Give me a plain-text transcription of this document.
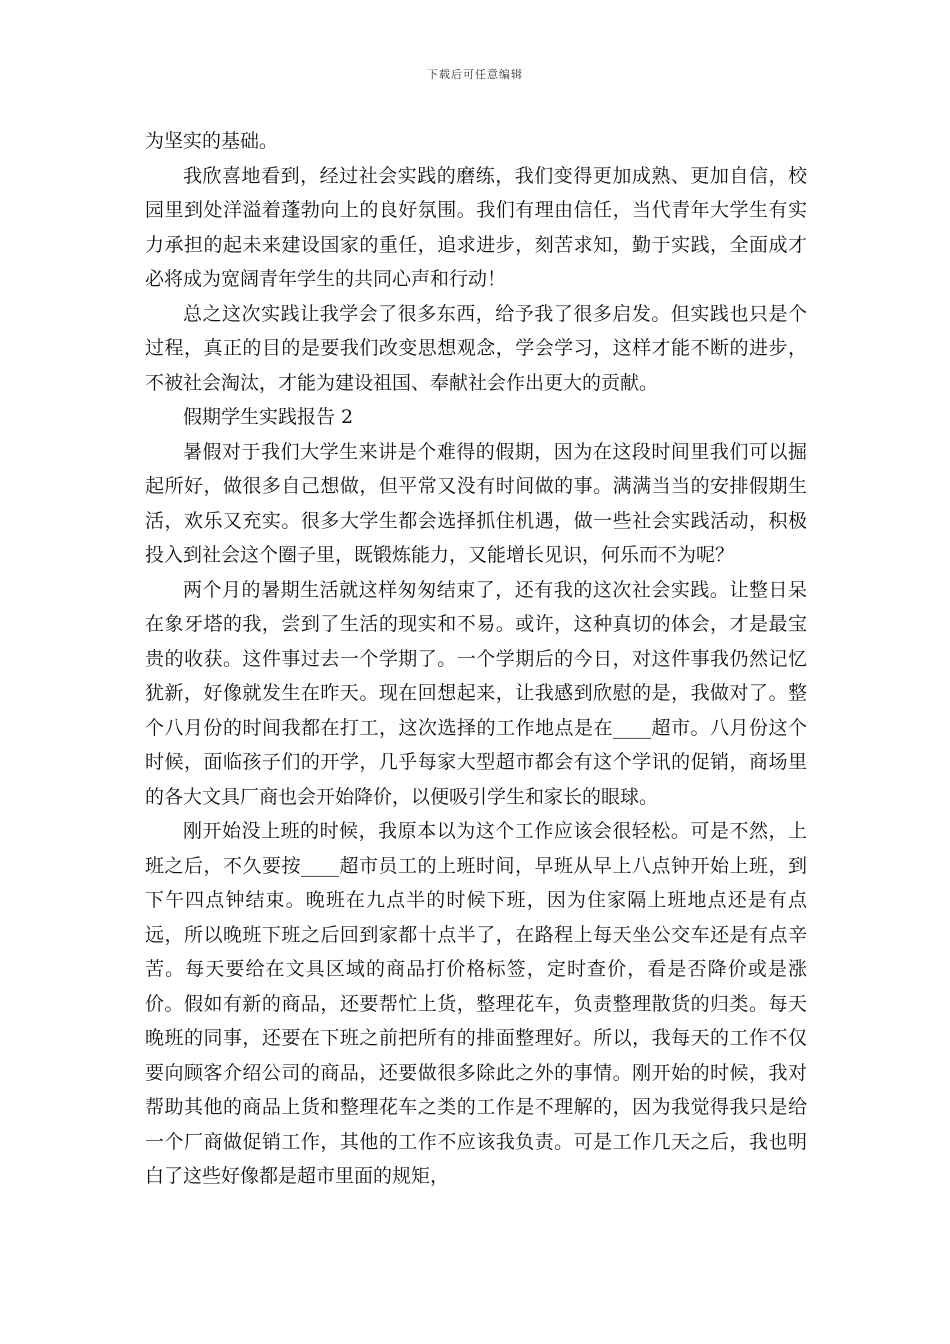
下载后可任意编辑

为坚实的基础。

我欣喜地看到，经过社会实践的磨练，我们变得更加成熟、更加自信，校园里到处洋溢着蓬勃向上的良好氛围。我们有理由信任，当代青年大学生有实力承担的起未来建设国家的重任，追求进步，刻苦求知，勤于实践，全面成才必将成为宽阔青年学生的共同心声和行动！

总之这次实践让我学会了很多东西，给予我了很多启发。但实践也只是个过程，真正的目的是要我们改变思想观念，学会学习，这样才能不断的进步，不被社会淘汰，才能为建设祖国、奉献社会作出更大的贡献。

假期学生实践报告 2

暑假对于我们大学生来讲是个难得的假期，因为在这段时间里我们可以掘起所好，做很多自己想做，但平常又没有时间做的事。满满当当的安排假期生活，欢乐又充实。很多大学生都会选择抓住机遇，做一些社会实践活动，积极投入到社会这个圈子里，既锻炼能力，又能增长见识，何乐而不为呢？

两个月的暑期生活就这样匆匆结束了，还有我的这次社会实践。让整日呆在象牙塔的我，尝到了生活的现实和不易。或许，这种真切的体会，才是最宝贵的收获。这件事过去一个学期了。一个学期后的今日，对这件事我仍然记忆犹新，好像就发生在昨天。现在回想起来，让我感到欣慰的是，我做对了。整个八月份的时间我都在打工，这次选择的工作地点是在____超市。八月份这个时候，面临孩子们的开学，几乎每家大型超市都会有这个学讯的促销，商场里的各大文具厂商也会开始降价，以便吸引学生和家长的眼球。

刚开始没上班的时候，我原本以为这个工作应该会很轻松。可是不然，上班之后，不久要按____超市员工的上班时间，早班从早上八点钟开始上班，到下午四点钟结束。晚班在九点半的时候下班，因为住家隔上班地点还是有点远，所以晚班下班之后回到家都十点半了，在路程上每天坐公交车还是有点辛苦。每天要给在文具区域的商品打价格标签，定时查价，看是否降价或是涨价。假如有新的商品，还要帮忙上货，整理花车，负责整理散货的归类。每天晚班的同事，还要在下班之前把所有的排面整理好。所以，我每天的工作不仅要向顾客介绍公司的商品，还要做很多除此之外的事情。刚开始的时候，我对帮助其他的商品上货和整理花车之类的工作是不理解的，因为我觉得我只是给一个厂商做促销工作，其他的工作不应该我负责。可是工作几天之后，我也明白了这些好像都是超市里面的规矩，
